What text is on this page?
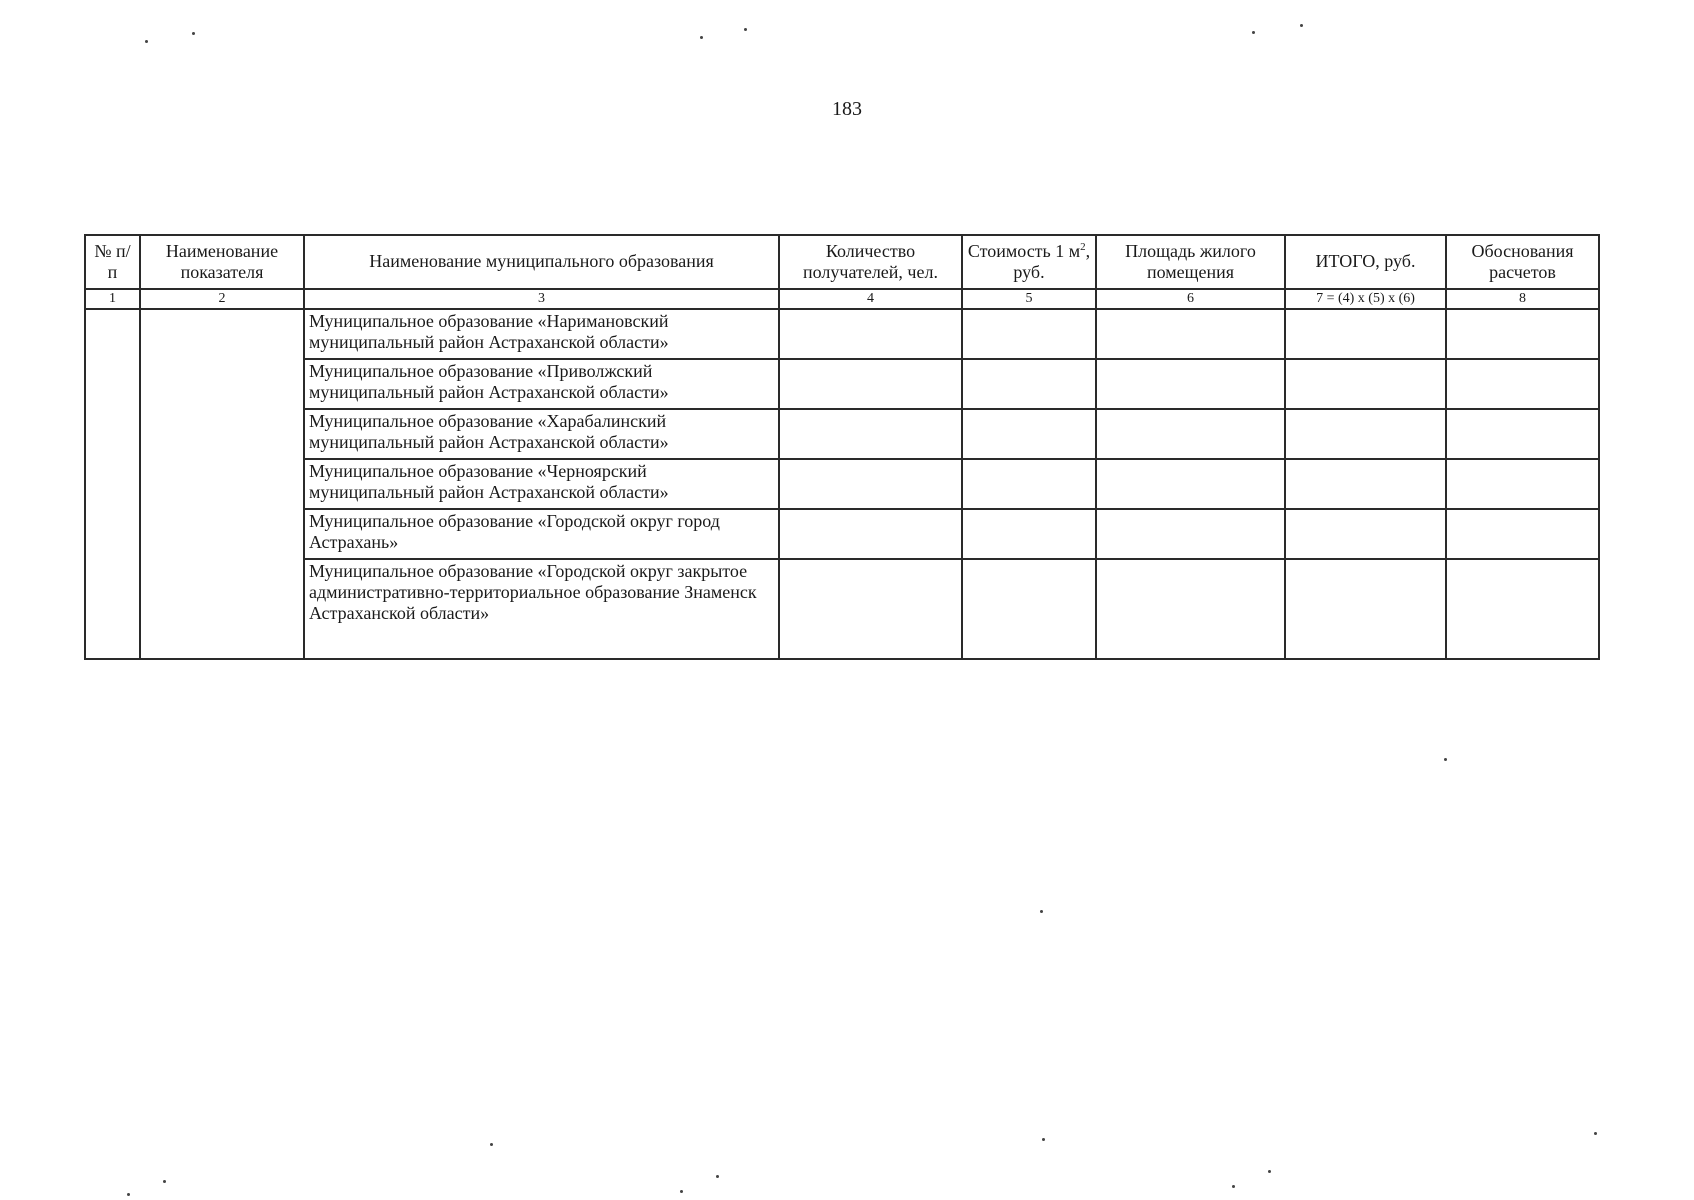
183
№ п/п	Наименование показателя	Наименование муниципального образования	Количество получателей, чел.	Стоимость 1 $м^2$, руб.	Площадь жилого помещения	ИТОГО, руб.	Обоснования расчетов
1	2	3	4	5	6	7 = (4) x (5) x (6)	8
		Муниципальное образование «Наримановский муниципальный район Астраханской области»					
		Муниципальное образование «Приволжский муниципальный район Астраханской области»					
		Муниципальное образование «Харабалинский муниципальный район Астраханской области»					
		Муниципальное образование «Черноярский муниципальный район Астраханской области»					
		Муниципальное образование «Городской округ город Астрахань»					
		Муниципальное образование «Городской округ закрытое административно-территориальное образование Знаменск Астраханской области»					
